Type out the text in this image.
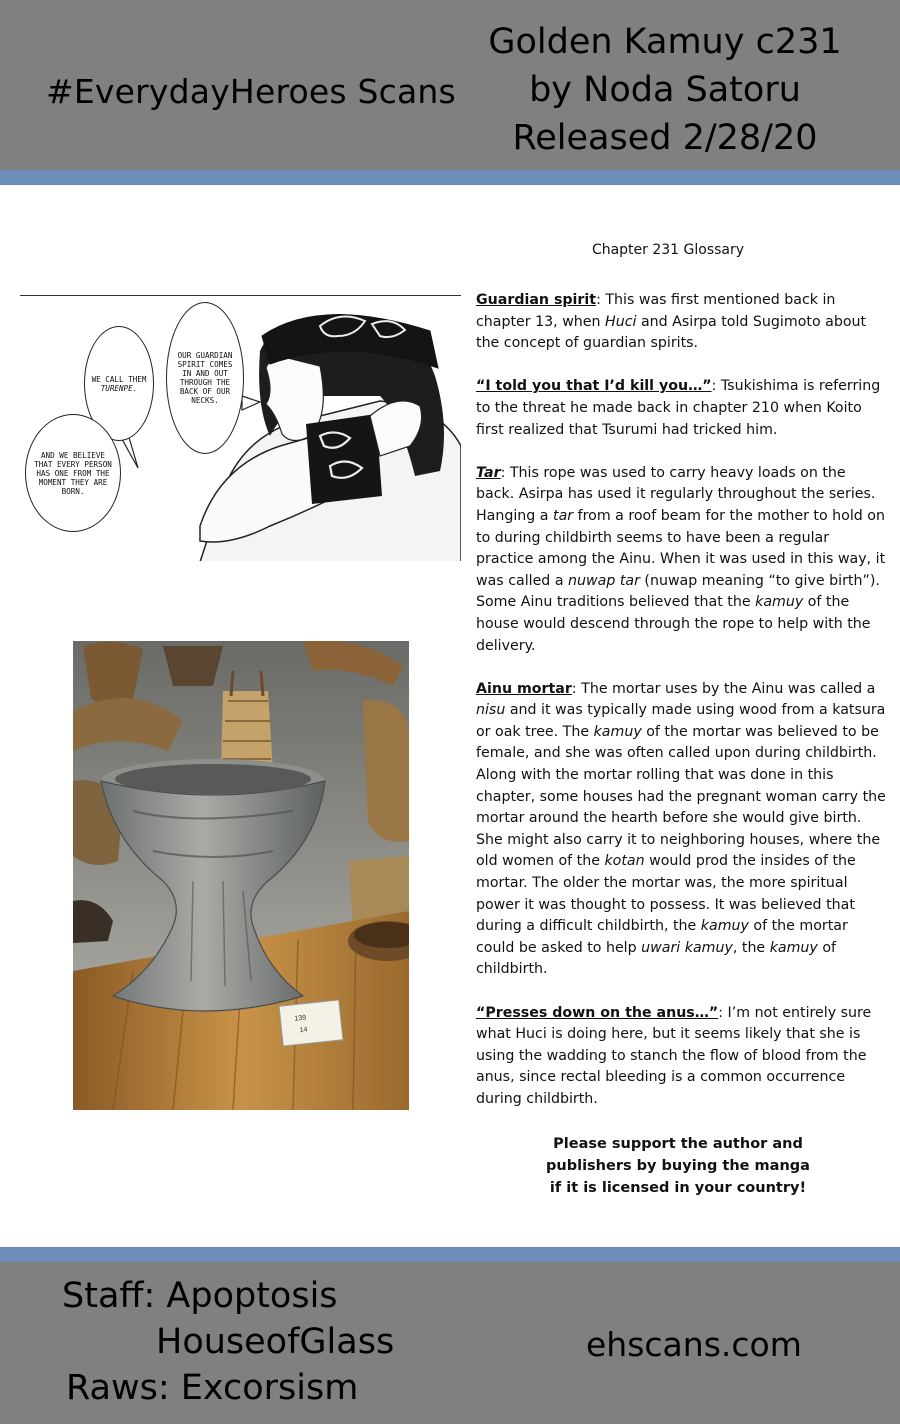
#EverydayHeroes Scans
Golden Kamuy c231
by Noda Satoru
Released 2/28/20
Chapter 231 Glossary
OUR GUARDIAN SPIRIT COMES IN AND OUT THROUGH THE BACK OF OUR NECKS.
WE CALL THEM
TURENPE.
AND WE BELIEVE THAT EVERY PERSON HAS ONE FROM THE MOMENT THEY ARE BORN.
139
14

Guardian spirit: This was first mentioned back in chapter 13, when Huci and Asirpa told Sugimoto about the concept of guardian spirits.

“I told you that I’d kill you…”: Tsukishima is referring to the threat he made back in chapter 210 when Koito first realized that Tsurumi had tricked him.

Tar: This rope was used to carry heavy loads on the back. Asirpa has used it regularly throughout the series. Hanging a tar from a roof beam for the mother to hold on to during childbirth seems to have been a regular practice among the Ainu. When it was used in this way, it was called a nuwap tar (nuwap meaning “to give birth”). Some Ainu traditions believed that the kamuy of the house would descend through the rope to help with the delivery.

Ainu mortar: The mortar uses by the Ainu was called a nisu and it was typically made using wood from a katsura or oak tree. The kamuy of the mortar was believed to be female, and she was often called upon during childbirth. Along with the mortar rolling that was done in this chapter, some houses had the pregnant woman carry the mortar around the hearth before she would give birth. She might also carry it to neighboring houses, where the old women of the kotan would prod the insides of the mortar. The older the mortar was, the more spiritual power it was thought to possess. It was believed that during a difficult childbirth, the kamuy of the mortar could be asked to help uwari kamuy, the kamuy of childbirth.

“Presses down on the anus…”: I’m not entirely sure what Huci is doing here, but it seems likely that she is using the wadding to stanch the flow of blood from the anus, since rectal bleeding is a common occurrence during childbirth.

Please support the author and publishers by buying the manga if it is licensed in your country!
Staff: Apoptosis
HouseofGlass
Raws: Excorsism
ehscans.com
